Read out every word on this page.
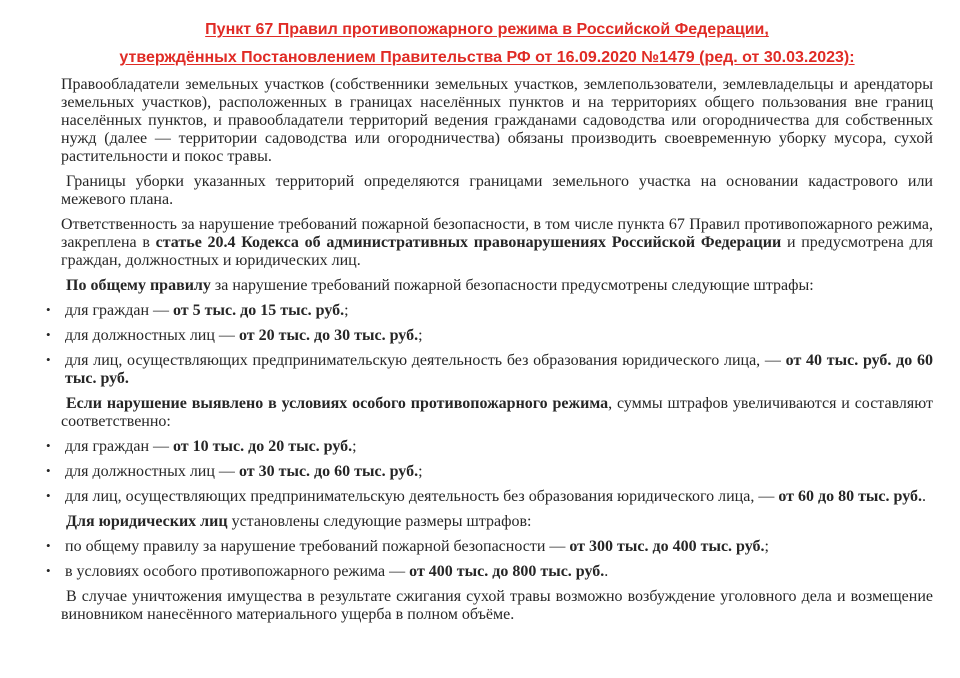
Пункт 67 Правил противопожарного режима в Российской Федерации,
утверждённых Постановлением Правительства РФ от 16.09.2020 №1479 (ред. от 30.03.2023):

Правообладатели земельных участков (собственники земельных участков, землепользователи, землевладельцы и арендаторы земельных участков), расположенных в границах населённых пунктов и на территориях общего пользования вне границ населённых пунктов, и правообладатели территорий ведения гражданами садоводства или огородничества для собственных нужд (далее — территории садоводства или огородничества) обязаны производить своевременную уборку мусора, сухой растительности и покос травы.

Границы уборки указанных территорий определяются границами земельного участка на основании кадастрового или межевого плана.

Ответственность за нарушение требований пожарной безопасности, в том числе пункта 67 Правил противопожарного режима, закреплена в статье 20.4 Кодекса об административных правонарушениях Российской Федерации и предусмотрена для граждан, должностных и юридических лиц.

По общему правилу за нарушение требований пожарной безопасности предусмотрены следующие штрафы:

•
для граждан — от 5 тыс. до 15 тыс. руб.;
•
для должностных лиц — от 20 тыс. до 30 тыс. руб.;
•
для лиц, осуществляющих предпринимательскую деятельность без образования юридического лица, — от 40 тыс. руб. до 60 тыс. руб.

Если нарушение выявлено в условиях особого противопожарного режима, суммы штрафов увеличиваются и составляют соответственно:

•
для граждан — от 10 тыс. до 20 тыс. руб.;
•
для должностных лиц — от 30 тыс. до 60 тыс. руб.;
•
для лиц, осуществляющих предпринимательскую деятельность без образования юридического лица, — от 60 до 80 тыс. руб..

Для юридических лиц установлены следующие размеры штрафов:

•
по общему правилу за нарушение требований пожарной безопасности — от 300 тыс. до 400 тыс. руб.;
•
в условиях особого противопожарного режима — от 400 тыс. до 800 тыс. руб..

В случае уничтожения имущества в результате сжигания сухой травы возможно возбуждение уголовного дела и возмещение виновником нанесённого материального ущерба в полном объёме.
